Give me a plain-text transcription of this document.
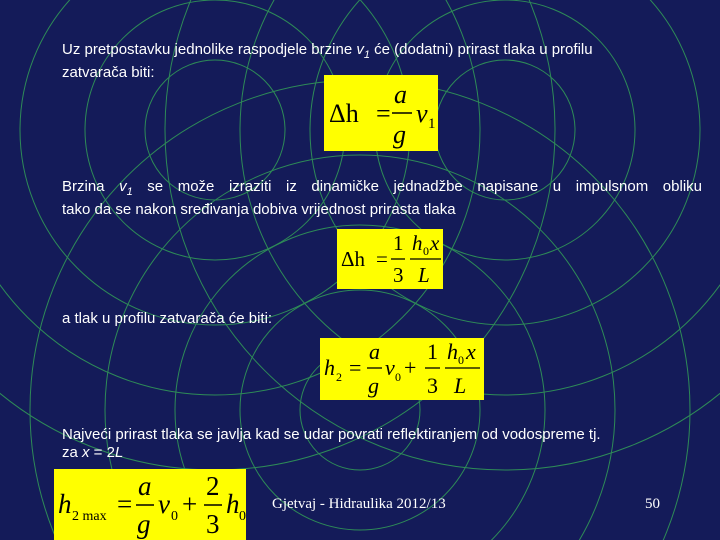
Uz pretpostavku jednolike raspodjele brzine $v_1$ će (dodatni) prirast tlaka u profilu
zatvarača biti:
Δh =
a
g
v 1
Brzina $v_1$ se može izraziti iz dinamičke jednadžbe napisane u impulsnom obliku
tako da se nakon sređivanja dobiva vrijednost prirasta tlaka
Δh =
1
3
h 0 x
L
a tlak u profilu zatvarača će biti:
h 2 =
a
g
v 0 +
1
3
h 0 x
L
Najveći prirast tlaka se javlja kad se udar povrati reflektiranjem od vodospreme tj.
za x = 2L
h 2 max =
a
g
v 0 +
2
3
h 0
Gjetvaj - Hidraulika 2012/13	50
